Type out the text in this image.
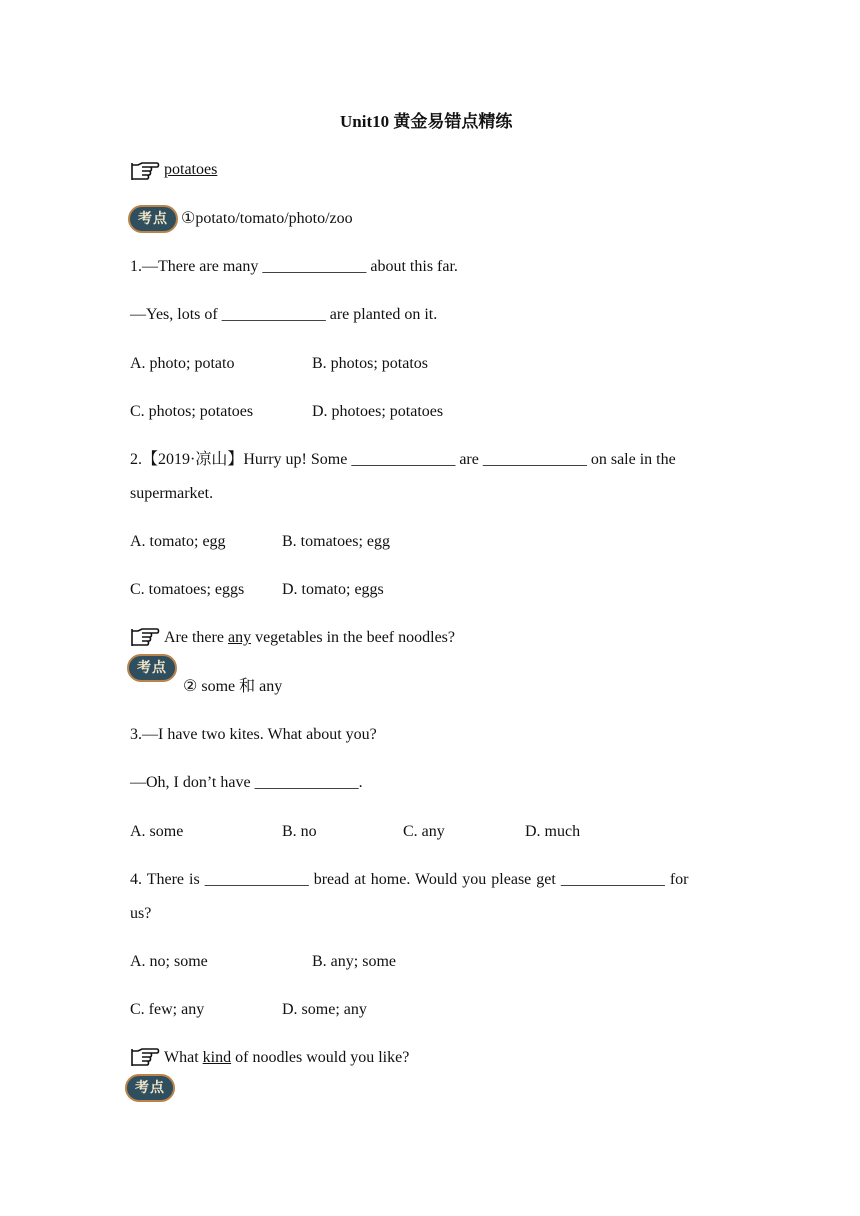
Unit10 黄金易错点精练
potatoes
考点 ①potato/tomato/photo/zoo
1.—There are many _____________ about this far.
—Yes, lots of _____________ are planted on it.
A. photo; potato	B. photos; potatos
C. photos; potatoes	D. photoes; potatoes
2.【2019·凉山】Hurry up! Some _____________ are _____________ on sale in the
supermarket.
A. tomato; egg	B. tomatoes; egg
C. tomatoes; eggs D. tomato; eggs
Are there any vegetables in the beef noodles?
考点
② some 和 any
3.—I have two kites. What about you?
—Oh, I don’t have _____________.
A. some	B. no	C. any	D. much
4. There is _____________ bread at home. Would you please get _____________ for
us?
A. no; some	B. any; some
C. few; any	D. some; any
What kind of noodles would you like?
考点
